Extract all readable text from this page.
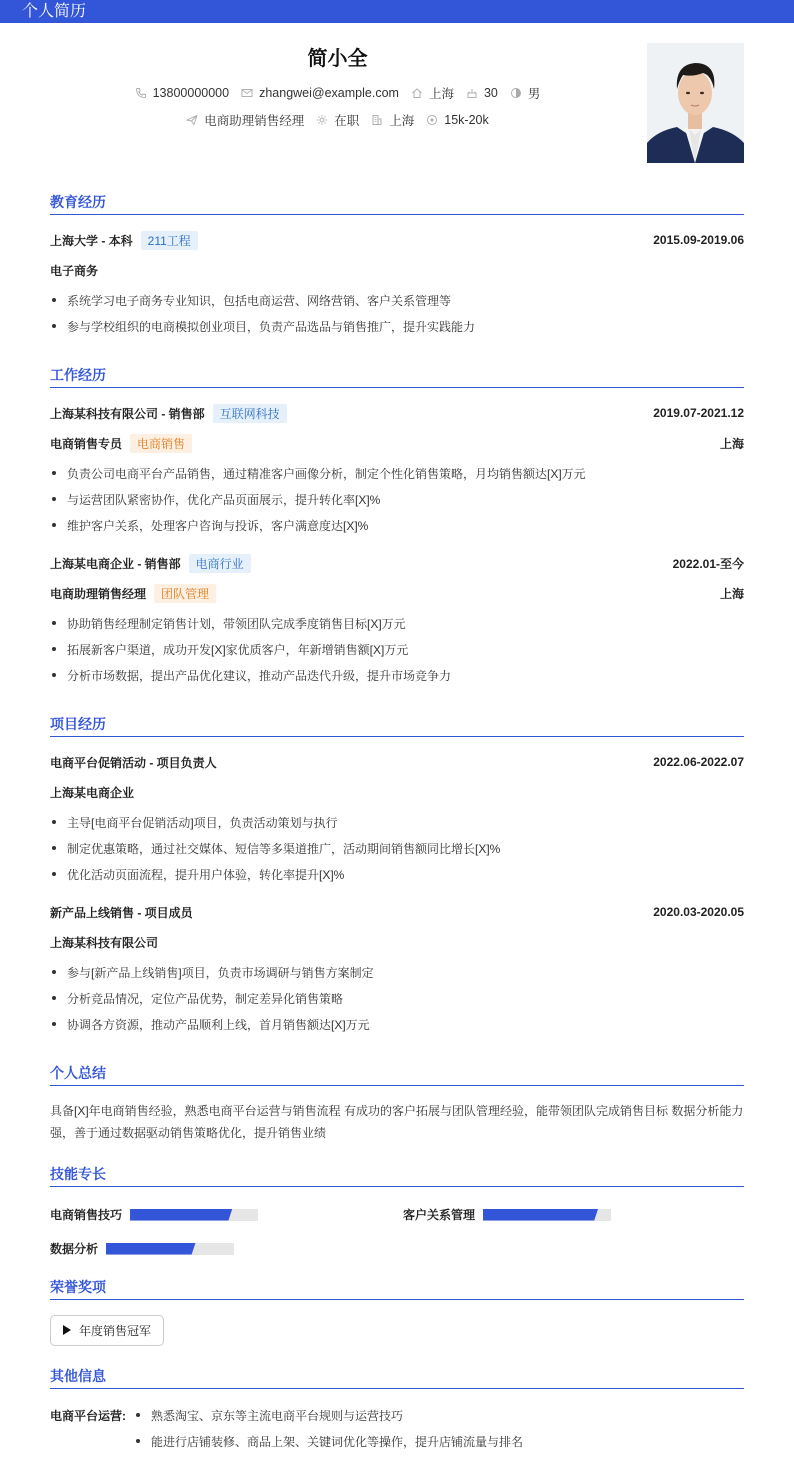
个人简历
简小全
13800000000 zhangwei@example.com 上海 30 男
电商助理销售经理 在职 上海 15k-20k
教育经历
上海大学 - 本科	211工程	2015.09-2019.06
电子商务
系统学习电子商务专业知识，包括电商运营、网络营销、客户关系管理等
参与学校组织的电商模拟创业项目，负责产品选品与销售推广，提升实践能力
工作经历
上海某科技有限公司 - 销售部	互联网科技	2019.07-2021.12
电商销售专员	电商销售	上海
负责公司电商平台产品销售，通过精准客户画像分析，制定个性化销售策略，月均销售额达[X]万元
与运营团队紧密协作，优化产品页面展示，提升转化率[X]%
维护客户关系，处理客户咨询与投诉，客户满意度达[X]%
上海某电商企业 - 销售部	电商行业	2022.01-至今
电商助理销售经理	团队管理	上海
协助销售经理制定销售计划，带领团队完成季度销售目标[X]万元
拓展新客户渠道，成功开发[X]家优质客户，年新增销售额[X]万元
分析市场数据，提出产品优化建议，推动产品迭代升级，提升市场竞争力
项目经历
电商平台促销活动 - 项目负责人	2022.06-2022.07
上海某电商企业
主导[电商平台促销活动]项目，负责活动策划与执行
制定优惠策略，通过社交媒体、短信等多渠道推广，活动期间销售额同比增长[X]%
优化活动页面流程，提升用户体验，转化率提升[X]%
新产品上线销售 - 项目成员	2020.03-2020.05
上海某科技有限公司
参与[新产品上线销售]项目，负责市场调研与销售方案制定
分析竞品情况，定位产品优势，制定差异化销售策略
协调各方资源，推动产品顺利上线，首月销售额达[X]万元
个人总结
具备[X]年电商销售经验，熟悉电商平台运营与销售流程 有成功的客户拓展与团队管理经验，能带领团队完成销售目标 数据分析能力强，善于通过数据驱动销售策略优化，提升销售业绩
技能专长
电商销售技巧	客户关系管理
数据分析
荣誉奖项
年度销售冠军
其他信息
电商平台运营:	熟悉淘宝、京东等主流电商平台规则与运营技巧
能进行店铺装修、商品上架、关键词优化等操作，提升店铺流量与排名
